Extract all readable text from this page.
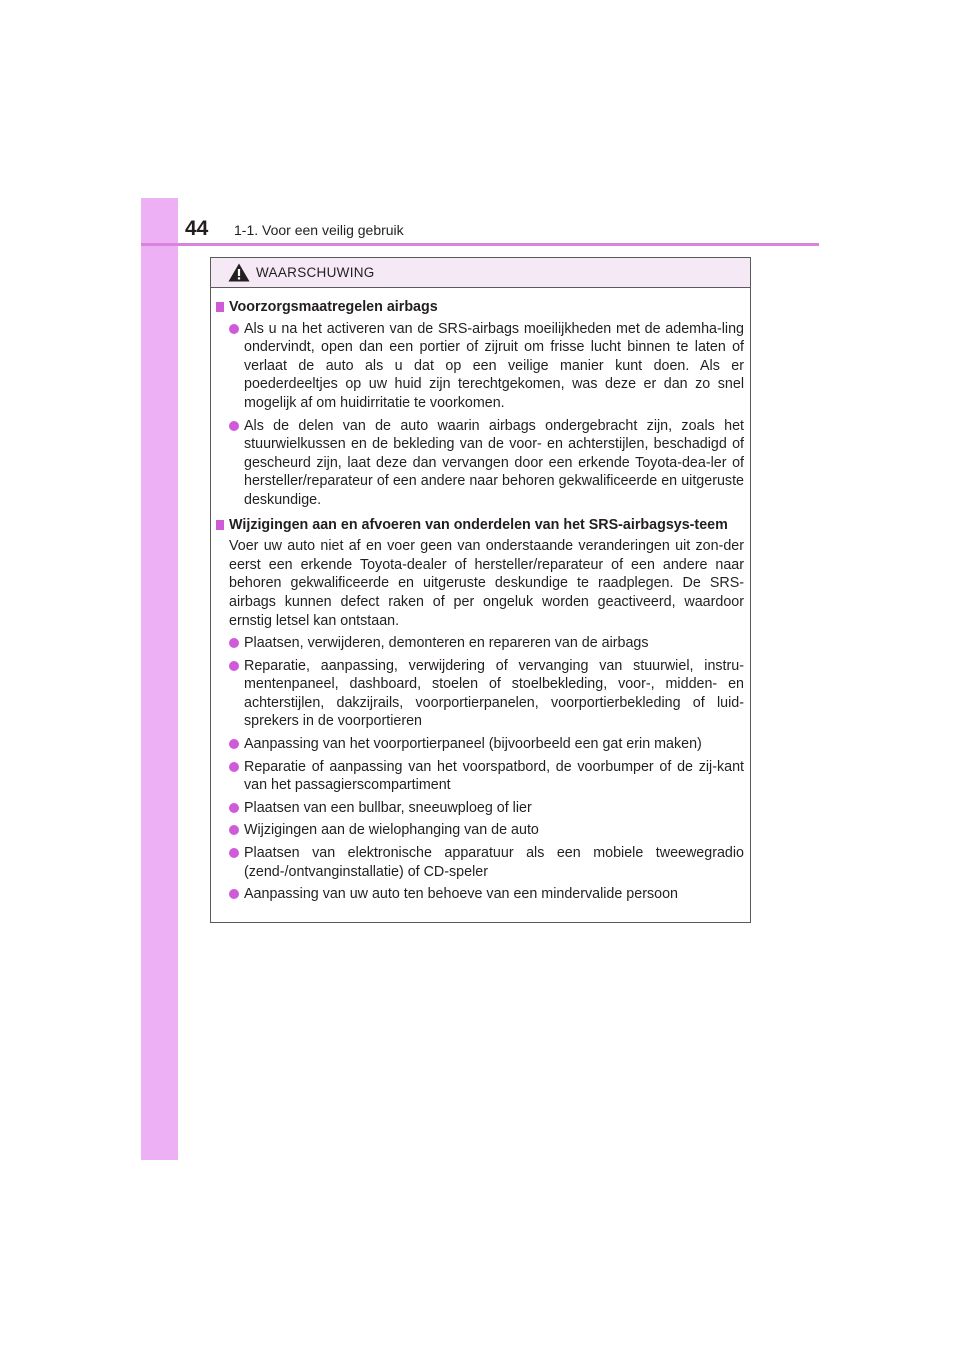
44 1-1. Voor een veilig gebruik
WAARSCHUWING
Voorzorgsmaatregelen airbags
Als u na het activeren van de SRS-airbags moeilijkheden met de ademha-ling ondervindt, open dan een portier of zijruit om frisse lucht binnen te laten of verlaat de auto als u dat op een veilige manier kunt doen. Als er poederdeeltjes op uw huid zijn terechtgekomen, was deze er dan zo snel mogelijk af om huidirritatie te voorkomen.
Als de delen van de auto waarin airbags ondergebracht zijn, zoals het stuurwielkussen en de bekleding van de voor- en achterstijlen, beschadigd of gescheurd zijn, laat deze dan vervangen door een erkende Toyota-dea-ler of hersteller/reparateur of een andere naar behoren gekwalificeerde en uitgeruste deskundige.
Wijzigingen aan en afvoeren van onderdelen van het SRS-airbagsys-teem
Voer uw auto niet af en voer geen van onderstaande veranderingen uit zon-der eerst een erkende Toyota-dealer of hersteller/reparateur of een andere naar behoren gekwalificeerde en uitgeruste deskundige te raadplegen. De SRS-airbags kunnen defect raken of per ongeluk worden geactiveerd, waardoor ernstig letsel kan ontstaan.
Plaatsen, verwijderen, demonteren en repareren van de airbags
Reparatie, aanpassing, verwijdering of vervanging van stuurwiel, instru-mentenpaneel, dashboard, stoelen of stoelbekleding, voor-, midden- en achterstijlen, dakzijrails, voorportierpanelen, voorportierbekleding of luid-sprekers in de voorportieren
Aanpassing van het voorportierpaneel (bijvoorbeeld een gat erin maken)
Reparatie of aanpassing van het voorspatbord, de voorbumper of de zij-kant van het passagierscompartiment
Plaatsen van een bullbar, sneeuwploeg of lier
Wijzigingen aan de wielophanging van de auto
Plaatsen van elektronische apparatuur als een mobiele tweewegradio (zend-/ontvanginstallatie) of CD-speler
Aanpassing van uw auto ten behoeve van een mindervalide persoon
